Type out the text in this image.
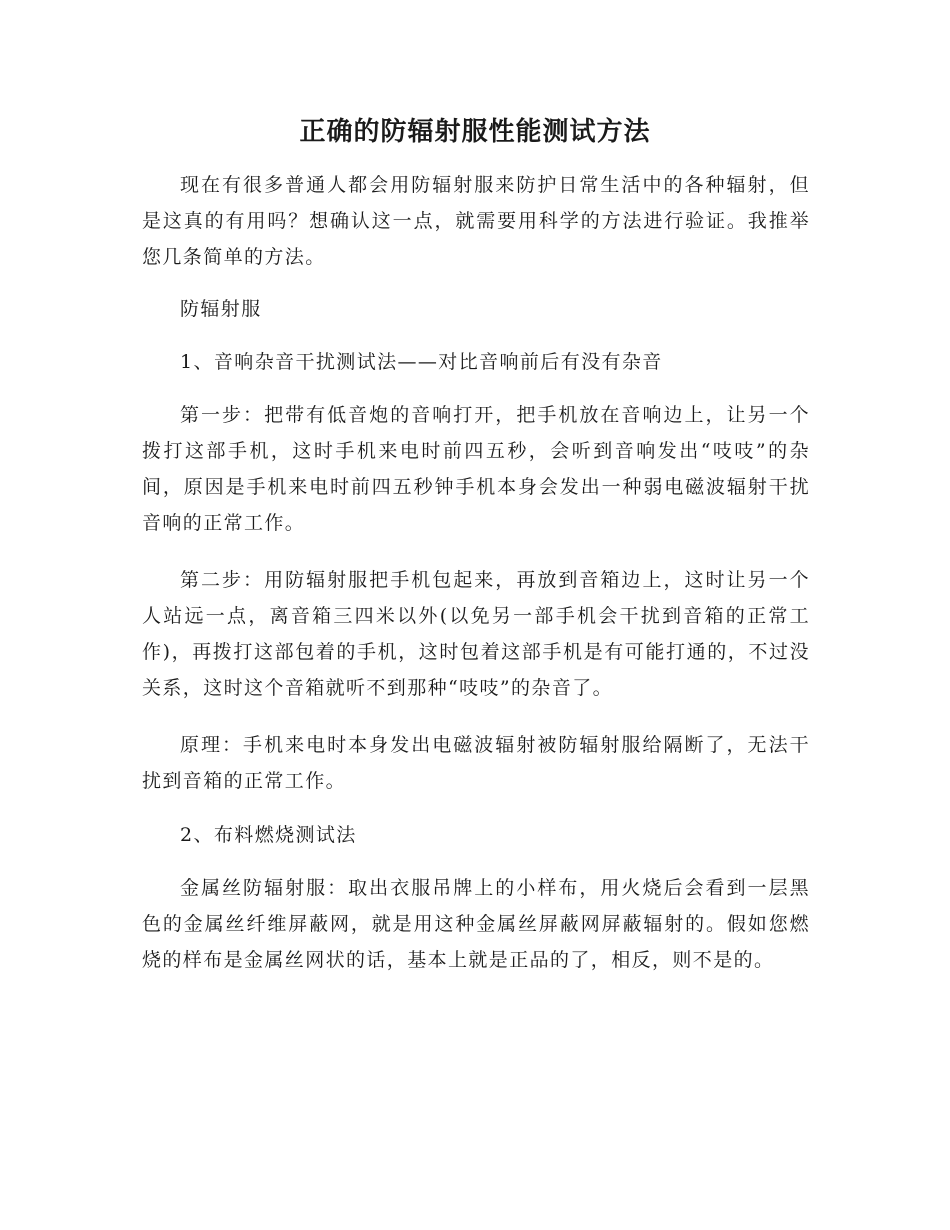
正确的防辐射服性能测试方法

现在有很多普通人都会用防辐射服来防护日常生活中的各种辐射，但是这真的有用吗？想确认这一点，就需要用科学的方法进行验证。我推举您几条简单的方法。

防辐射服

1、音响杂音干扰测试法——对比音响前后有没有杂音

第一步：把带有低音炮的音响打开，把手机放在音响边上，让另一个拨打这部手机，这时手机来电时前四五秒，会听到音响发出“吱吱”的杂间，原因是手机来电时前四五秒钟手机本身会发出一种弱电磁波辐射干扰音响的正常工作。

第二步：用防辐射服把手机包起来，再放到音箱边上，这时让另一个人站远一点，离音箱三四米以外(以免另一部手机会干扰到音箱的正常工作)，再拨打这部包着的手机，这时包着这部手机是有可能打通的，不过没关系，这时这个音箱就听不到那种“吱吱”的杂音了。

原理：手机来电时本身发出电磁波辐射被防辐射服给隔断了，无法干扰到音箱的正常工作。

2、布料燃烧测试法

金属丝防辐射服：取出衣服吊牌上的小样布，用火烧后会看到一层黑色的金属丝纤维屏蔽网，就是用这种金属丝屏蔽网屏蔽辐射的。假如您燃烧的样布是金属丝网状的话，基本上就是正品的了，相反，则不是的。
